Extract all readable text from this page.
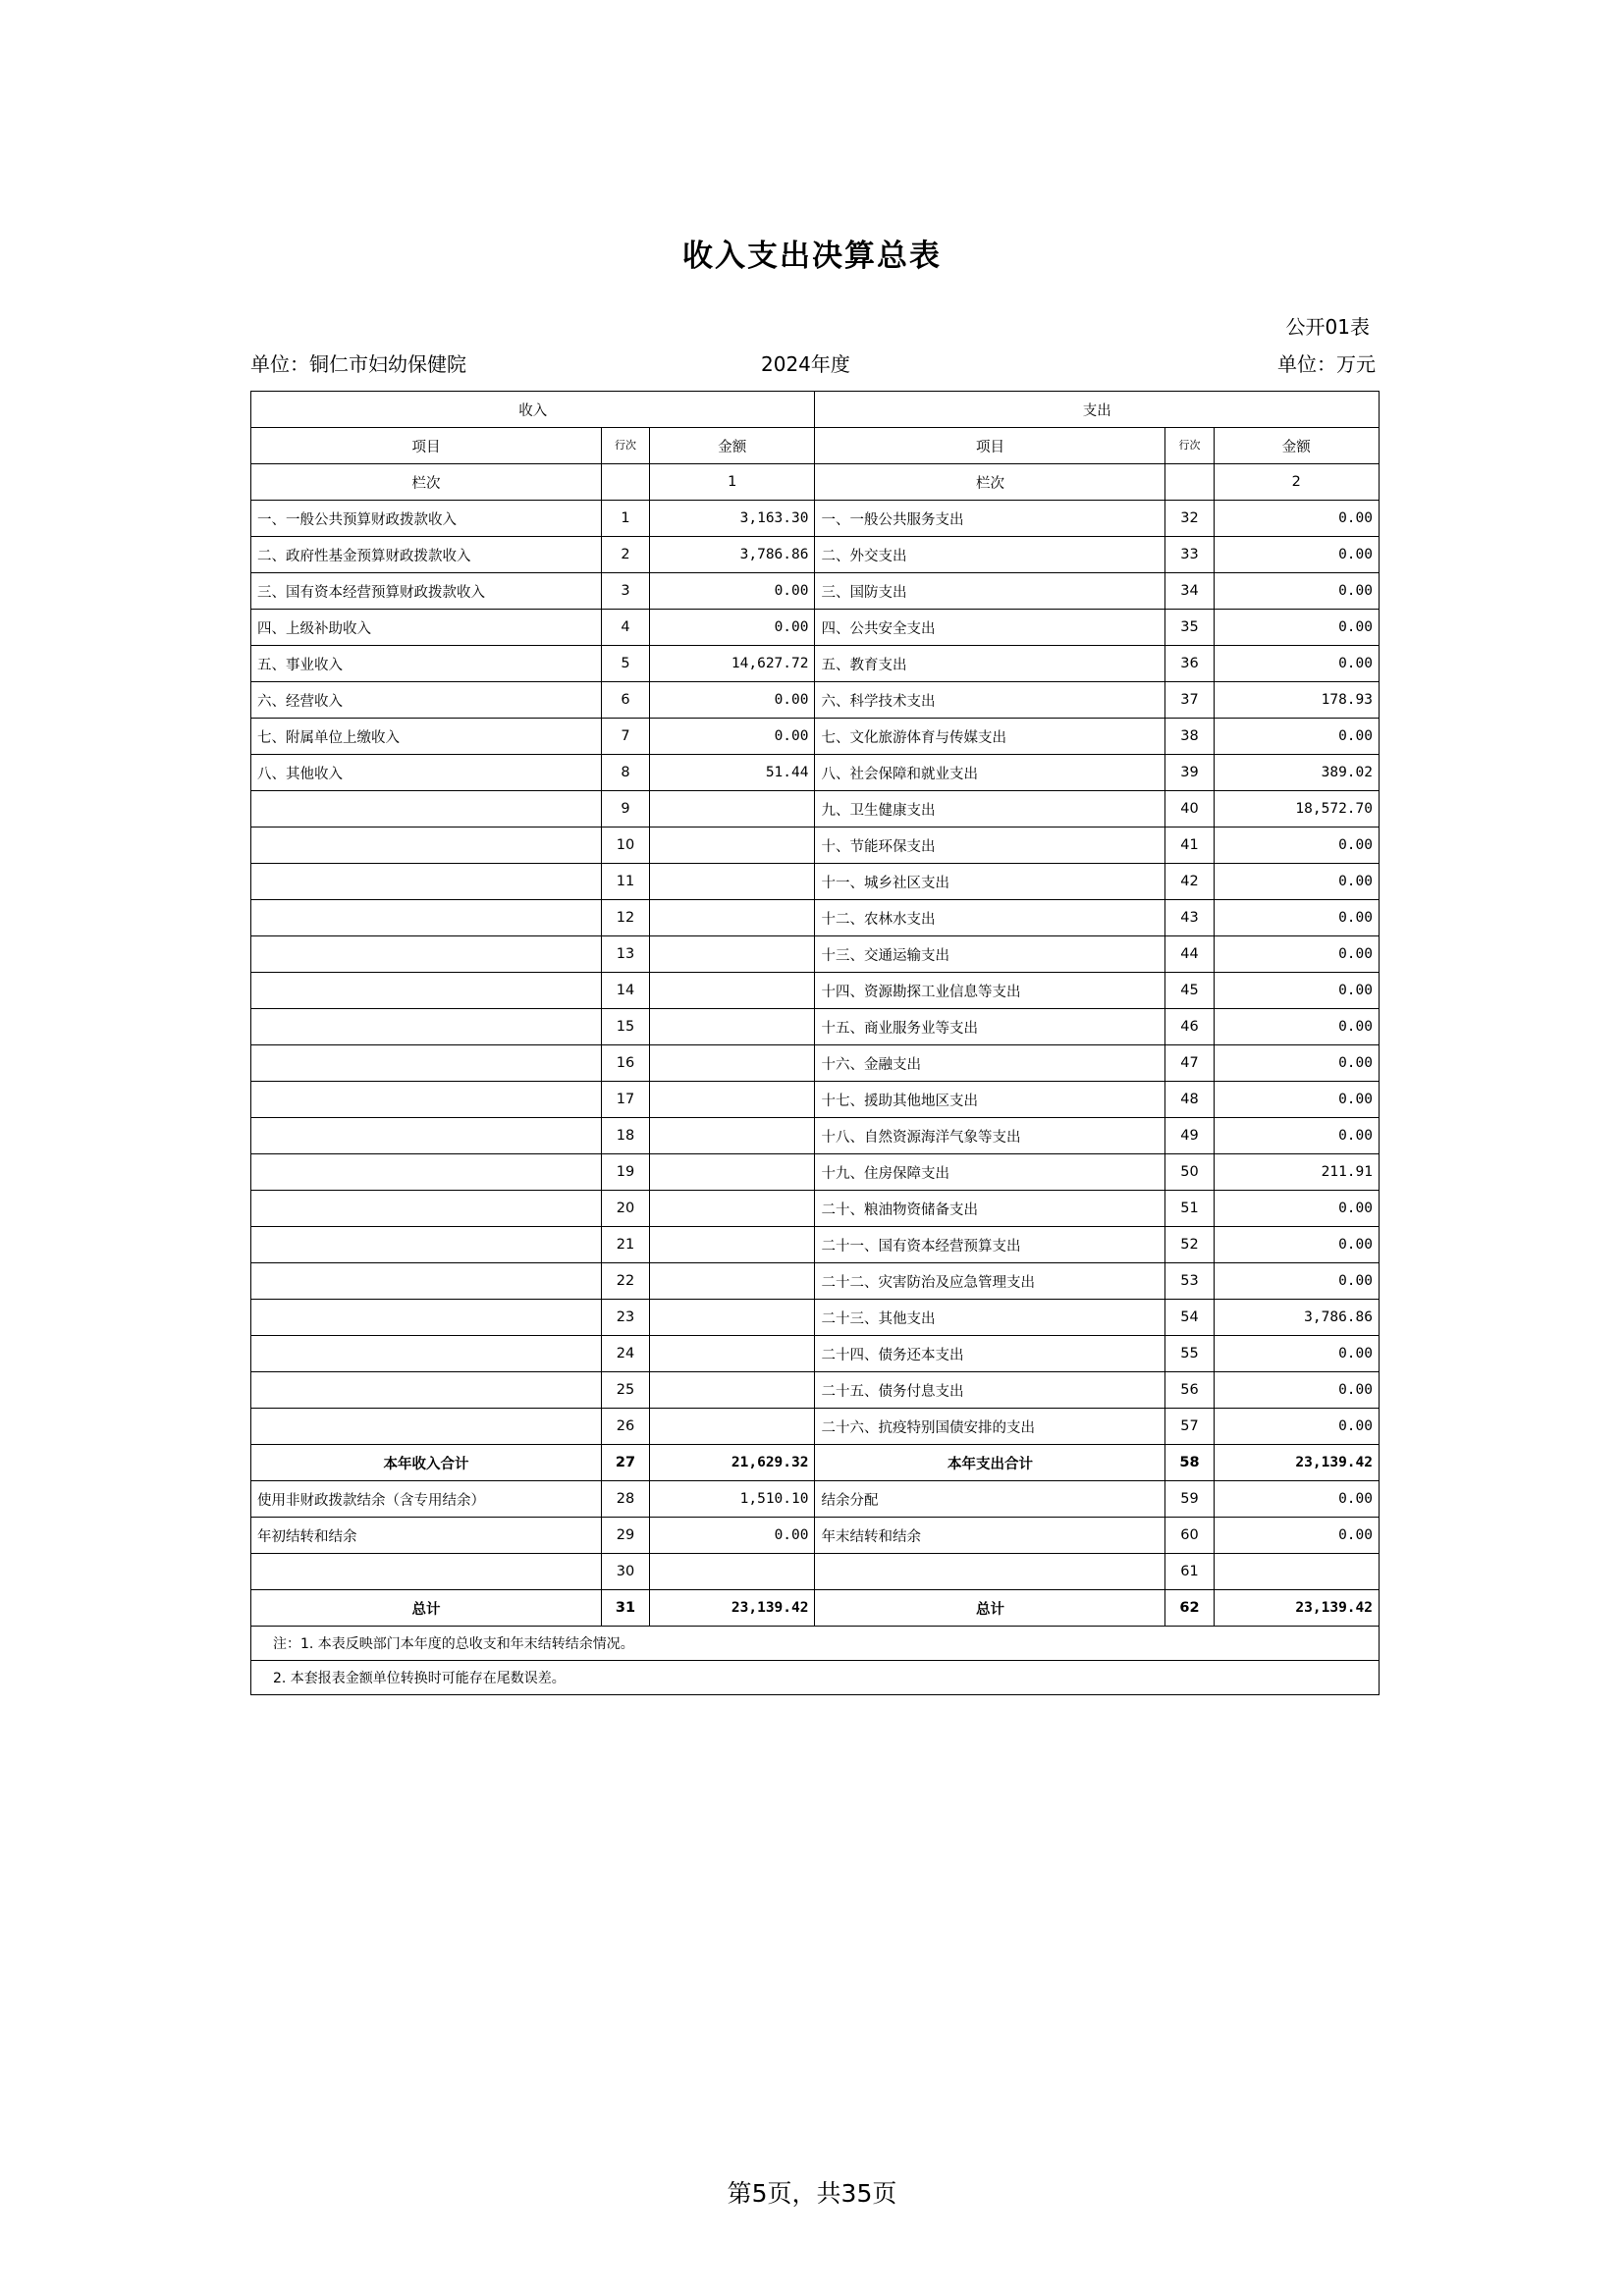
收入支出决算总表
公开01表
单位：铜仁市妇幼保健院	2024年度	单位：万元
收入			支出		
项目	行次	金额	项目	行次	金额
栏次		1	栏次		2
一、一般公共预算财政拨款收入	1	3,163.30	一、一般公共服务支出	32	0.00
二、政府性基金预算财政拨款收入	2	3,786.86	二、外交支出	33	0.00
三、国有资本经营预算财政拨款收入	3	0.00	三、国防支出	34	0.00
四、上级补助收入	4	0.00	四、公共安全支出	35	0.00
五、事业收入	5	14,627.72	五、教育支出	36	0.00
六、经营收入	6	0.00	六、科学技术支出	37	178.93
七、附属单位上缴收入	7	0.00	七、文化旅游体育与传媒支出	38	0.00
八、其他收入	8	51.44	八、社会保障和就业支出	39	389.02
	9		九、卫生健康支出	40	18,572.70
	10		十、节能环保支出	41	0.00
	11		十一、城乡社区支出	42	0.00
	12		十二、农林水支出	43	0.00
	13		十三、交通运输支出	44	0.00
	14		十四、资源勘探工业信息等支出	45	0.00
	15		十五、商业服务业等支出	46	0.00
	16		十六、金融支出	47	0.00
	17		十七、援助其他地区支出	48	0.00
	18		十八、自然资源海洋气象等支出	49	0.00
	19		十九、住房保障支出	50	211.91
	20		二十、粮油物资储备支出	51	0.00
	21		二十一、国有资本经营预算支出	52	0.00
	22		二十二、灾害防治及应急管理支出	53	0.00
	23		二十三、其他支出	54	3,786.86
	24		二十四、债务还本支出	55	0.00
	25		二十五、债务付息支出	56	0.00
	26		二十六、抗疫特别国债安排的支出	57	0.00
本年收入合计	27	21,629.32	本年支出合计	58	23,139.42
使用非财政拨款结余（含专用结余）	28	1,510.10	结余分配	59	0.00
年初结转和结余	29	0.00	年末结转和结余	60	0.00
	30			61	
总计	31	23,139.42	总计	62	23,139.42
注：1. 本表反映部门本年度的总收支和年末结转结余情况。
2. 本套报表金额单位转换时可能存在尾数误差。
第5页，共35页
